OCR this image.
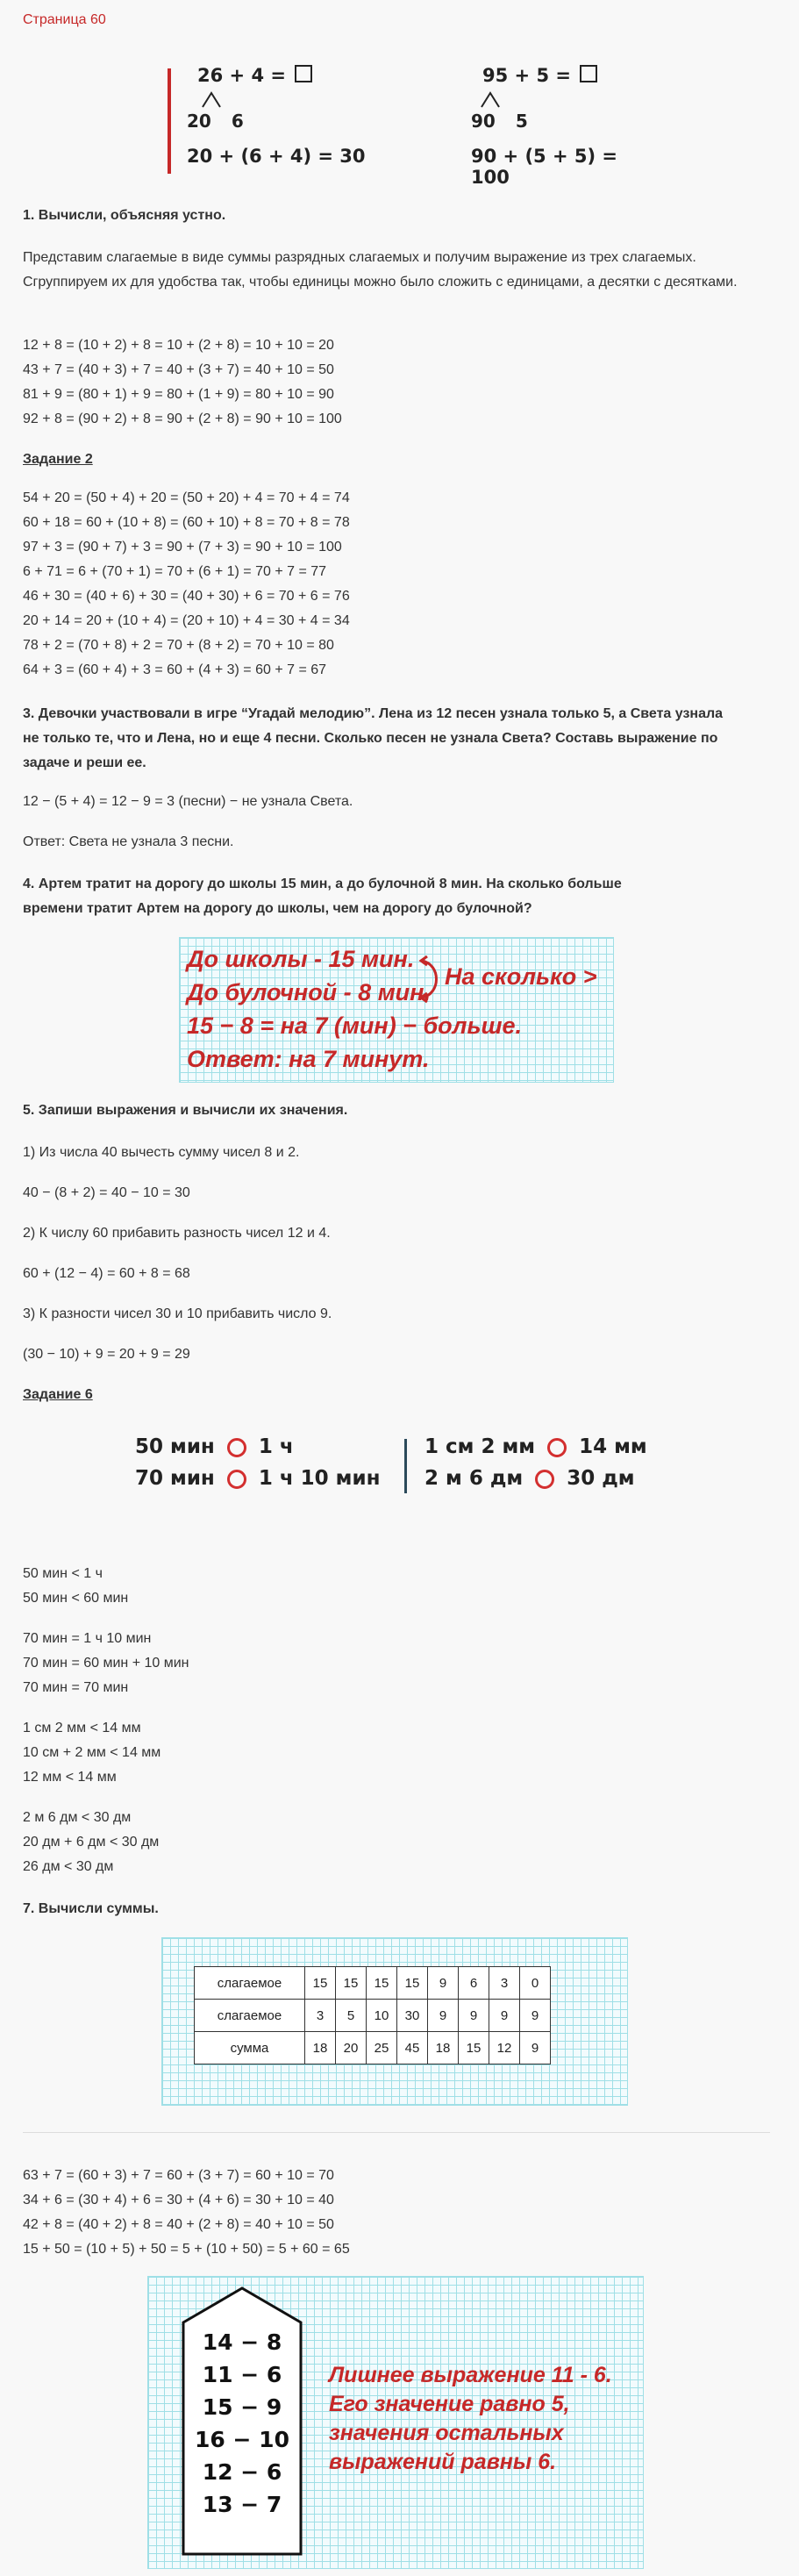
Страница 60
26 + 4 =
20 6
20 + (6 + 4) = 30
95 + 5 =
90 5
90 + (5 + 5) = 100
1. Вычисли, объясняя устно.
Представим слагаемые в виде суммы разрядных слагаемых и получим выражение из трех слагаемых. Сгруппируем их для удобства так, чтобы единицы можно было сложить с единицами, а десятки с десятками.
12 + 8 = (10 + 2) + 8 = 10 + (2 + 8) = 10 + 10 = 20
43 + 7 = (40 + 3) + 7 = 40 + (3 + 7) = 40 + 10 = 50
81 + 9 = (80 + 1) + 9 = 80 + (1 + 9) = 80 + 10 = 90
92 + 8 = (90 + 2) + 8 = 90 + (2 + 8) = 90 + 10 = 100
Задание 2
54 + 20 = (50 + 4) + 20 = (50 + 20) + 4 = 70 + 4 = 74
60 + 18 = 60 + (10 + 8) = (60 + 10) + 8 = 70 + 8 = 78
97 + 3 = (90 + 7) + 3 = 90 + (7 + 3) = 90 + 10 = 100
6 + 71 = 6 + (70 + 1) = 70 + (6 + 1) = 70 + 7 = 77
46 + 30 = (40 + 6) + 30 = (40 + 30) + 6 = 70 + 6 = 76
20 + 14 = 20 + (10 + 4) = (20 + 10) + 4 = 30 + 4 = 34
78 + 2 = (70 + 8) + 2 = 70 + (8 + 2) = 70 + 10 = 80
64 + 3 = (60 + 4) + 3 = 60 + (4 + 3) = 60 + 7 = 67
3. Девочки участвовали в игре “Угадай мелодию”. Лена из 12 песен узнала только 5, а Света узнала не только те, что и Лена, но и еще 4 песни. Сколько песен не узнала Света? Составь выражение по задаче и реши ее.
12 − (5 + 4) = 12 − 9 = 3 (песни) − не узнала Света.
Ответ: Света не узнала 3 песни.
4. Артем тратит на дорогу до школы 15 мин, а до булочной 8 мин. На сколько больше времени тратит Артем на дорогу до школы, чем на дорогу до булочной?
До школы - 15 мин.
До булочной - 8 мин.
15 − 8 = на 7 (мин) − больше.
Ответ: на 7 минут.
На сколько >
5. Запиши выражения и вычисли их значения.
1) Из числа 40 вычесть сумму чисел 8 и 2.
40 − (8 + 2) = 40 − 10 = 30
2) К числу 60 прибавить разность чисел 12 и 4.
60 + (12 − 4) = 60 + 8 = 68
3) К разности чисел 30 и 10 прибавить число 9.
(30 − 10) + 9 = 20 + 9 = 29
Задание 6
50 мин 1 ч
70 мин 1 ч 10 мин
1 см 2 мм 14 мм
2 м 6 дм 30 дм
50 мин < 1 ч
50 мин < 60 мин
70 мин = 1 ч 10 мин
70 мин = 60 мин + 10 мин
70 мин = 70 мин
1 см 2 мм < 14 мм
10 см + 2 мм < 14 мм
12 мм < 14 мм
2 м 6 дм < 30 дм
20 дм + 6 дм < 30 дм
26 дм < 30 дм
7. Вычисли суммы.
слагаемое	15	15	15	15	9	6	3	0
слагаемое	3	5	10	30	9	9	9	9
сумма	18	20	25	45	18	15	12	9
63 + 7 = (60 + 3) + 7 = 60 + (3 + 7) = 60 + 10 = 70
34 + 6 = (30 + 4) + 6 = 30 + (4 + 6) = 30 + 10 = 40
42 + 8 = (40 + 2) + 8 = 40 + (2 + 8) = 40 + 10 = 50
15 + 50 = (10 + 5) + 50 = 5 + (10 + 50) = 5 + 60 = 65
14 − 8
11 − 6
15 − 9
16 − 10
12 − 6
13 − 7
Лишнее выражение 11 - 6.
Его значение равно 5,
значения остальных
выражений равны 6.
